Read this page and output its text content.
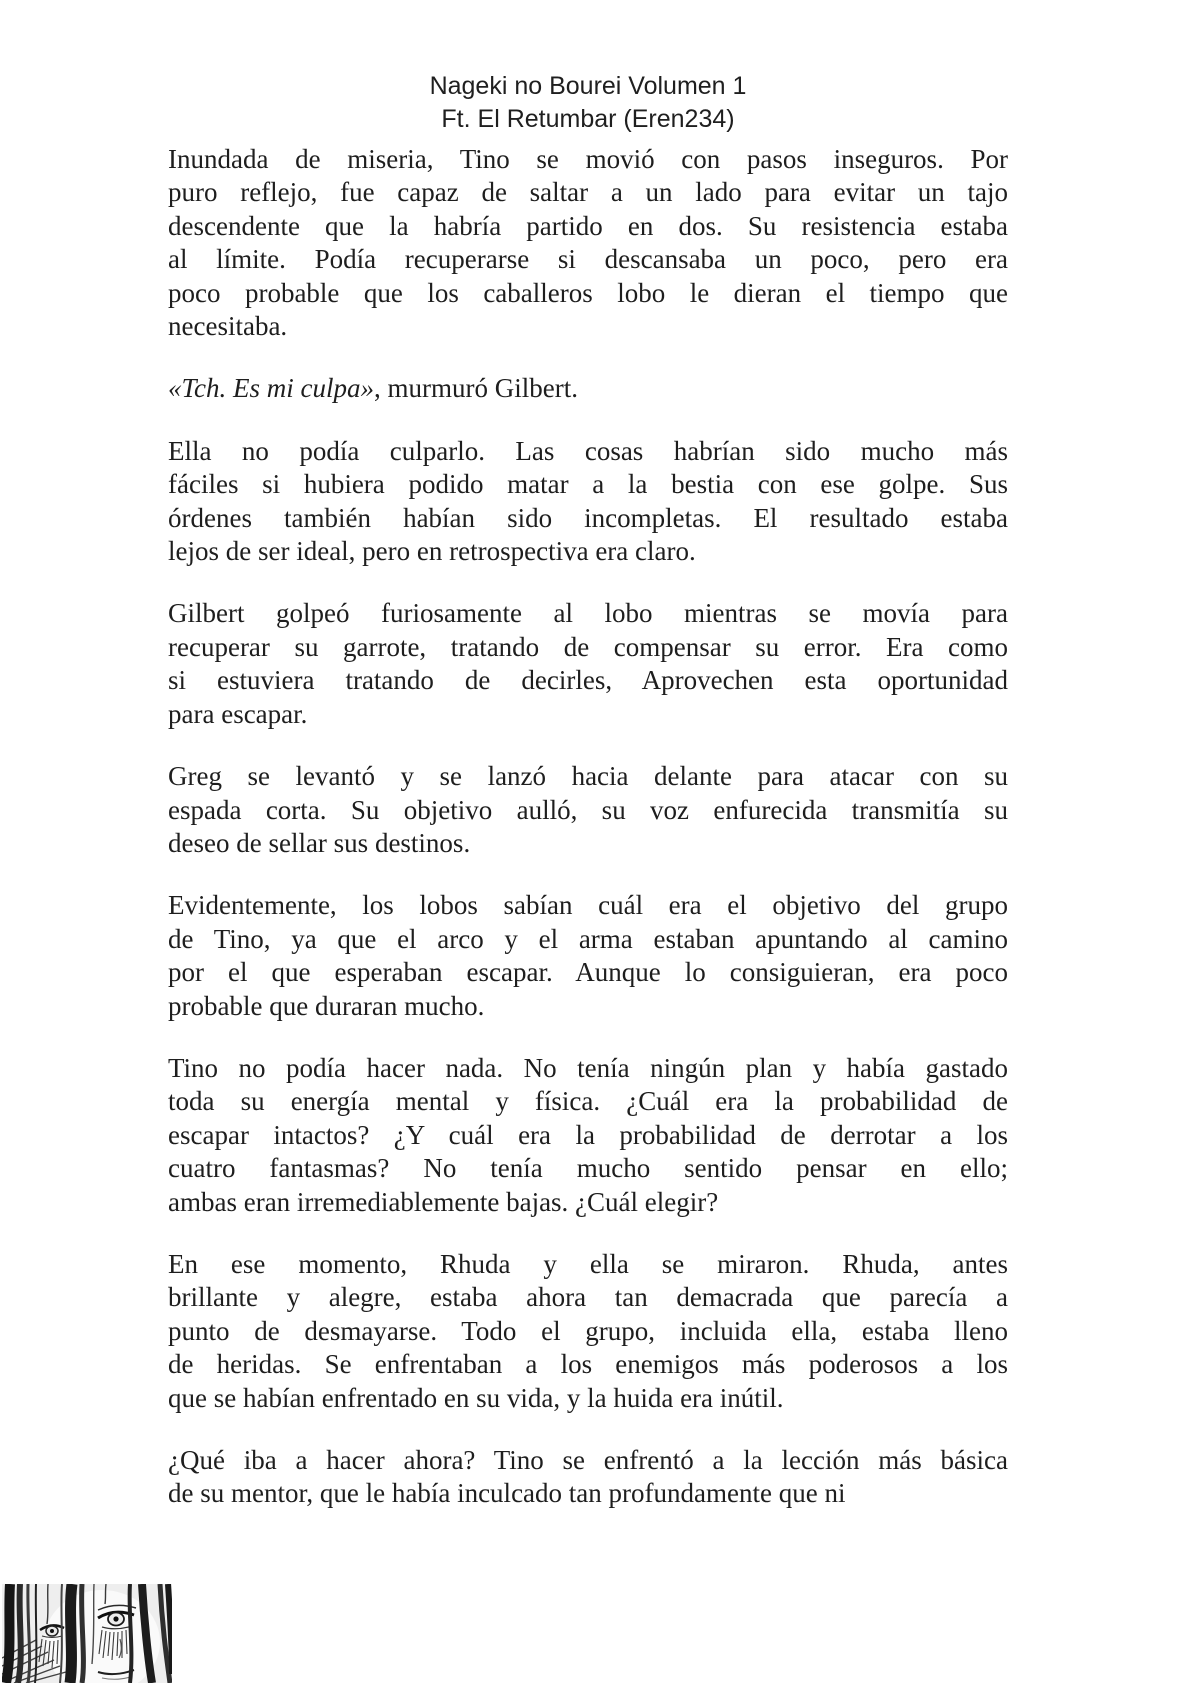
Nageki no Bourei Volumen 1
Ft. El Retumbar (Eren234)
Inundada de miseria, Tino se movió con pasos inseguros. Por
puro reflejo, fue capaz de saltar a un lado para evitar un tajo
descendente que la habría partido en dos. Su resistencia estaba
al límite. Podía recuperarse si descansaba un poco, pero era
poco probable que los caballeros lobo le dieran el tiempo que
necesitaba.
«Tch. Es mi culpa», murmuró Gilbert.
Ella no podía culparlo. Las cosas habrían sido mucho más
fáciles si hubiera podido matar a la bestia con ese golpe. Sus
órdenes también habían sido incompletas. El resultado estaba
lejos de ser ideal, pero en retrospectiva era claro.
Gilbert golpeó furiosamente al lobo mientras se movía para
recuperar su garrote, tratando de compensar su error. Era como
si estuviera tratando de decirles, Aprovechen esta oportunidad
para escapar.
Greg se levantó y se lanzó hacia delante para atacar con su
espada corta. Su objetivo aulló, su voz enfurecida transmitía su
deseo de sellar sus destinos.
Evidentemente, los lobos sabían cuál era el objetivo del grupo
de Tino, ya que el arco y el arma estaban apuntando al camino
por el que esperaban escapar. Aunque lo consiguieran, era poco
probable que duraran mucho.
Tino no podía hacer nada. No tenía ningún plan y había gastado
toda su energía mental y física. ¿Cuál era la probabilidad de
escapar intactos? ¿Y cuál era la probabilidad de derrotar a los
cuatro fantasmas? No tenía mucho sentido pensar en ello;
ambas eran irremediablemente bajas. ¿Cuál elegir?
En ese momento, Rhuda y ella se miraron. Rhuda, antes
brillante y alegre, estaba ahora tan demacrada que parecía a
punto de desmayarse. Todo el grupo, incluida ella, estaba lleno
de heridas. Se enfrentaban a los enemigos más poderosos a los
que se habían enfrentado en su vida, y la huida era inútil.
¿Qué iba a hacer ahora? Tino se enfrentó a la lección más básica
de su mentor, que le había inculcado tan profundamente que ni
